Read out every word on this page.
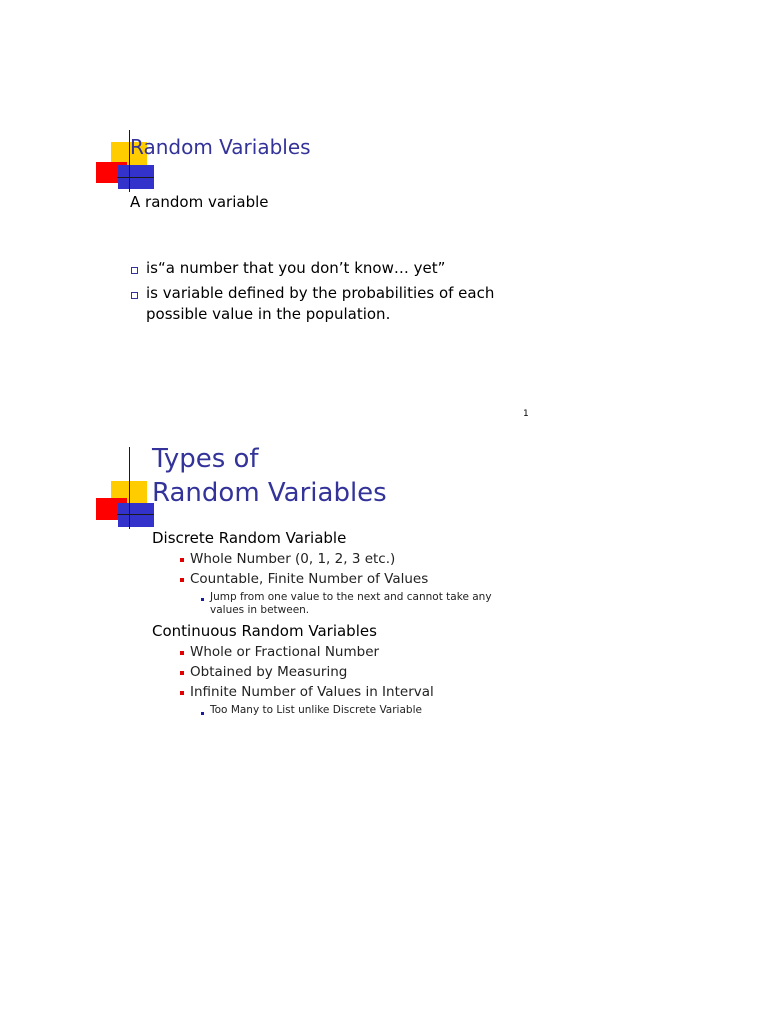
Random Variables
A random variable
is“a number that you don’t know… yet”
is variable defined by the probabilities of each
possible value in the population.
1
Types of
Random Variables
Discrete Random Variable
Whole Number (0, 1, 2, 3 etc.)
Countable, Finite Number of Values
Jump from one value to the next and cannot take any
values in between.
Continuous Random Variables
Whole or Fractional Number
Obtained by Measuring
Infinite Number of Values in Interval
Too Many to List unlike Discrete Variable
